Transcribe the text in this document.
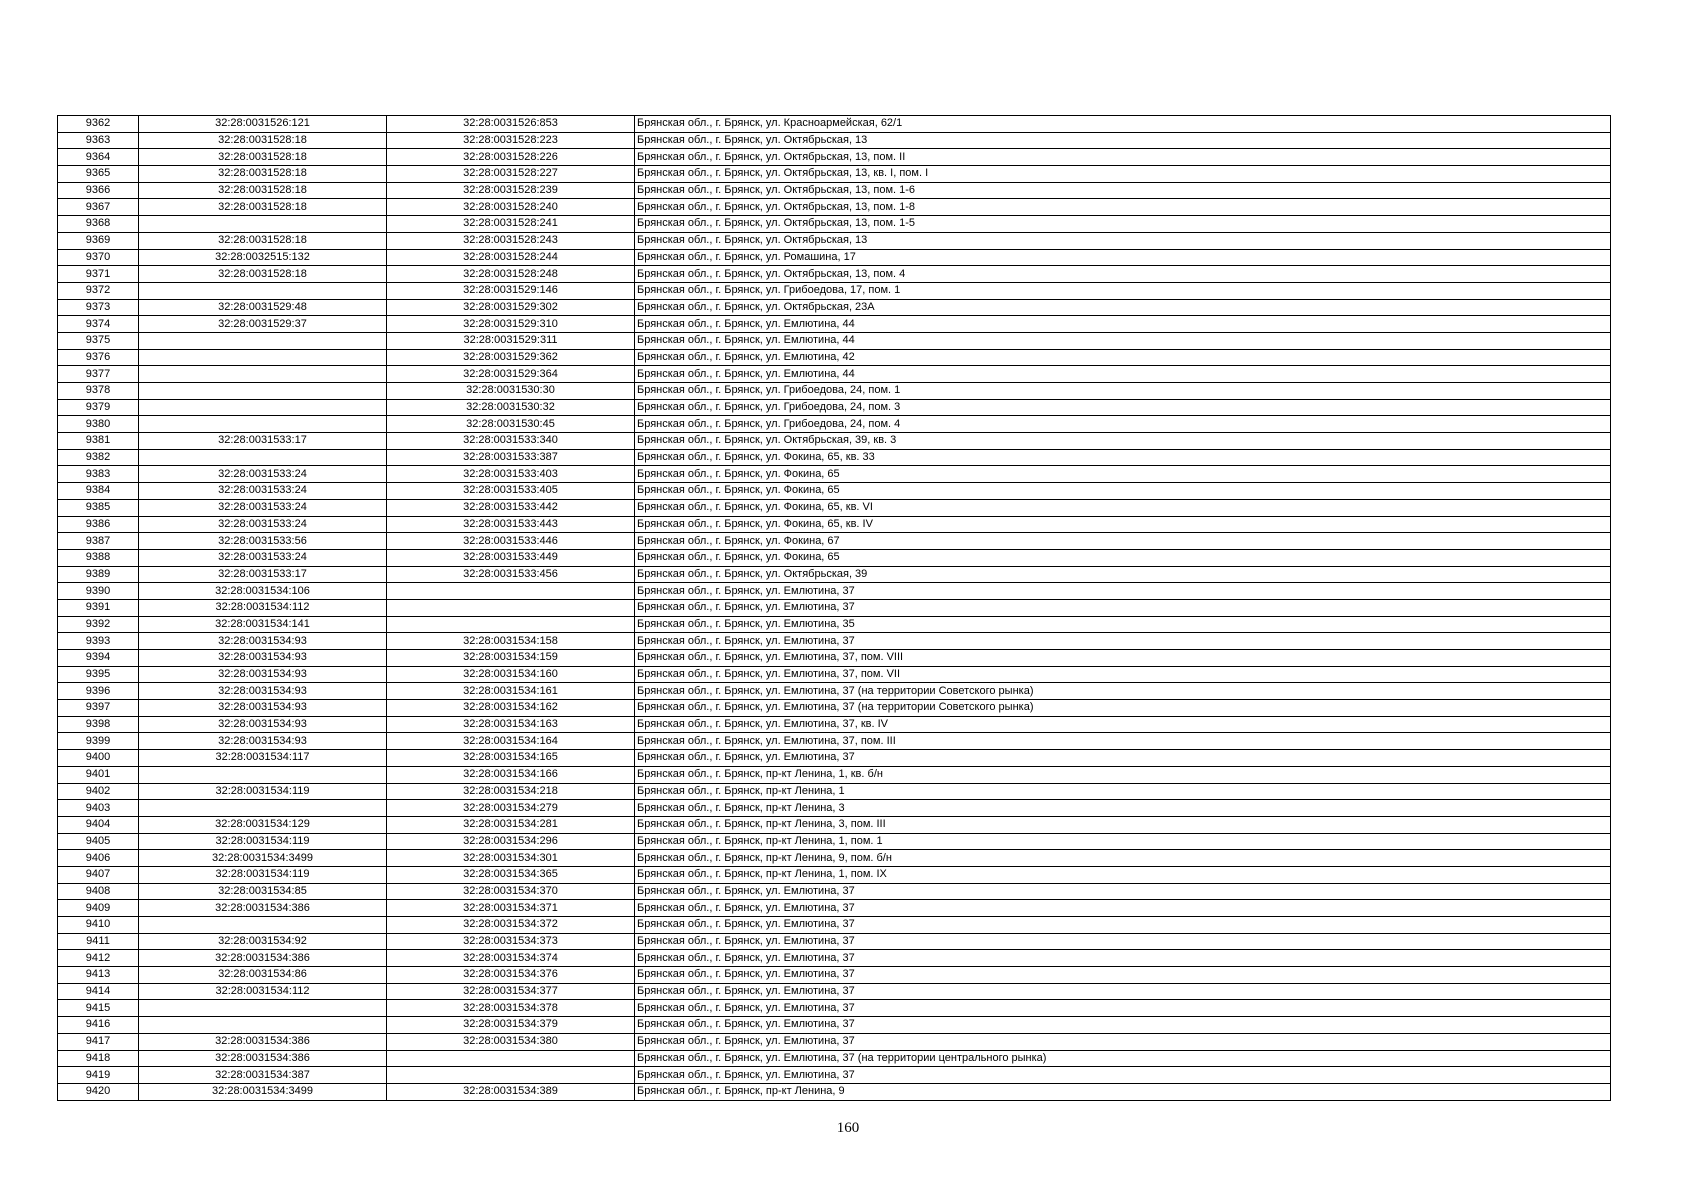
9362	32:28:0031526:121	32:28:0031526:853	Брянская обл., г. Брянск, ул. Красноармейская, 62/1
9363	32:28:0031528:18	32:28:0031528:223	Брянская обл., г. Брянск, ул. Октябрьская, 13
9364	32:28:0031528:18	32:28:0031528:226	Брянская обл., г. Брянск, ул. Октябрьская, 13, пом. II
9365	32:28:0031528:18	32:28:0031528:227	Брянская обл., г. Брянск, ул. Октябрьская, 13, кв. I, пом. I
9366	32:28:0031528:18	32:28:0031528:239	Брянская обл., г. Брянск, ул. Октябрьская, 13, пом. 1-6
9367	32:28:0031528:18	32:28:0031528:240	Брянская обл., г. Брянск, ул. Октябрьская, 13, пом. 1-8
9368		32:28:0031528:241	Брянская обл., г. Брянск, ул. Октябрьская, 13, пом. 1-5
9369	32:28:0031528:18	32:28:0031528:243	Брянская обл., г. Брянск, ул. Октябрьская, 13
9370	32:28:0032515:132	32:28:0031528:244	Брянская обл., г. Брянск, ул. Ромашина, 17
9371	32:28:0031528:18	32:28:0031528:248	Брянская обл., г. Брянск, ул. Октябрьская, 13, пом. 4
9372		32:28:0031529:146	Брянская обл., г. Брянск, ул. Грибоедова, 17, пом. 1
9373	32:28:0031529:48	32:28:0031529:302	Брянская обл., г. Брянск, ул. Октябрьская, 23А
9374	32:28:0031529:37	32:28:0031529:310	Брянская обл., г. Брянск, ул. Емлютина, 44
9375		32:28:0031529:311	Брянская обл., г. Брянск, ул. Емлютина, 44
9376		32:28:0031529:362	Брянская обл., г. Брянск, ул. Емлютина, 42
9377		32:28:0031529:364	Брянская обл., г. Брянск, ул. Емлютина, 44
9378		32:28:0031530:30	Брянская обл., г. Брянск, ул. Грибоедова, 24, пом. 1
9379		32:28:0031530:32	Брянская обл., г. Брянск, ул. Грибоедова, 24, пом. 3
9380		32:28:0031530:45	Брянская обл., г. Брянск, ул. Грибоедова, 24, пом. 4
9381	32:28:0031533:17	32:28:0031533:340	Брянская обл., г. Брянск, ул. Октябрьская, 39, кв. 3
9382		32:28:0031533:387	Брянская обл., г. Брянск, ул. Фокина, 65, кв. 33
9383	32:28:0031533:24	32:28:0031533:403	Брянская обл., г. Брянск, ул. Фокина, 65
9384	32:28:0031533:24	32:28:0031533:405	Брянская обл., г. Брянск, ул. Фокина, 65
9385	32:28:0031533:24	32:28:0031533:442	Брянская обл., г. Брянск, ул. Фокина, 65, кв. VI
9386	32:28:0031533:24	32:28:0031533:443	Брянская обл., г. Брянск, ул. Фокина, 65, кв. IV
9387	32:28:0031533:56	32:28:0031533:446	Брянская обл., г. Брянск, ул. Фокина, 67
9388	32:28:0031533:24	32:28:0031533:449	Брянская обл., г. Брянск, ул. Фокина, 65
9389	32:28:0031533:17	32:28:0031533:456	Брянская обл., г. Брянск, ул. Октябрьская, 39
9390	32:28:0031534:106		Брянская обл., г. Брянск, ул. Емлютина, 37
9391	32:28:0031534:112		Брянская обл., г. Брянск, ул. Емлютина, 37
9392	32:28:0031534:141		Брянская обл., г. Брянск, ул. Емлютина, 35
9393	32:28:0031534:93	32:28:0031534:158	Брянская обл., г. Брянск, ул. Емлютина, 37
9394	32:28:0031534:93	32:28:0031534:159	Брянская обл., г. Брянск, ул. Емлютина, 37, пом. VIII
9395	32:28:0031534:93	32:28:0031534:160	Брянская обл., г. Брянск, ул. Емлютина, 37, пом. VII
9396	32:28:0031534:93	32:28:0031534:161	Брянская обл., г. Брянск, ул. Емлютина, 37 (на территории Советского рынка)
9397	32:28:0031534:93	32:28:0031534:162	Брянская обл., г. Брянск, ул. Емлютина, 37 (на территории Советского рынка)
9398	32:28:0031534:93	32:28:0031534:163	Брянская обл., г. Брянск, ул. Емлютина, 37, кв. IV
9399	32:28:0031534:93	32:28:0031534:164	Брянская обл., г. Брянск, ул. Емлютина, 37, пом. III
9400	32:28:0031534:117	32:28:0031534:165	Брянская обл., г. Брянск, ул. Емлютина, 37
9401		32:28:0031534:166	Брянская обл., г. Брянск, пр-кт Ленина, 1, кв. б/н
9402	32:28:0031534:119	32:28:0031534:218	Брянская обл., г. Брянск, пр-кт Ленина, 1
9403		32:28:0031534:279	Брянская обл., г. Брянск, пр-кт Ленина, 3
9404	32:28:0031534:129	32:28:0031534:281	Брянская обл., г. Брянск, пр-кт Ленина, 3, пом. III
9405	32:28:0031534:119	32:28:0031534:296	Брянская обл., г. Брянск, пр-кт Ленина, 1, пом. 1
9406	32:28:0031534:3499	32:28:0031534:301	Брянская обл., г. Брянск, пр-кт Ленина, 9, пом. б/н
9407	32:28:0031534:119	32:28:0031534:365	Брянская обл., г. Брянск, пр-кт Ленина, 1, пом. IX
9408	32:28:0031534:85	32:28:0031534:370	Брянская обл., г. Брянск, ул. Емлютина, 37
9409	32:28:0031534:386	32:28:0031534:371	Брянская обл., г. Брянск, ул. Емлютина, 37
9410		32:28:0031534:372	Брянская обл., г. Брянск, ул. Емлютина, 37
9411	32:28:0031534:92	32:28:0031534:373	Брянская обл., г. Брянск, ул. Емлютина, 37
9412	32:28:0031534:386	32:28:0031534:374	Брянская обл., г. Брянск, ул. Емлютина, 37
9413	32:28:0031534:86	32:28:0031534:376	Брянская обл., г. Брянск, ул. Емлютина, 37
9414	32:28:0031534:112	32:28:0031534:377	Брянская обл., г. Брянск, ул. Емлютина, 37
9415		32:28:0031534:378	Брянская обл., г. Брянск, ул. Емлютина, 37
9416		32:28:0031534:379	Брянская обл., г. Брянск, ул. Емлютина, 37
9417	32:28:0031534:386	32:28:0031534:380	Брянская обл., г. Брянск, ул. Емлютина, 37
9418	32:28:0031534:386		Брянская обл., г. Брянск, ул. Емлютина, 37 (на территории центрального рынка)
9419	32:28:0031534:387		Брянская обл., г. Брянск, ул. Емлютина, 37
9420	32:28:0031534:3499	32:28:0031534:389	Брянская обл., г. Брянск, пр-кт Ленина, 9
160
